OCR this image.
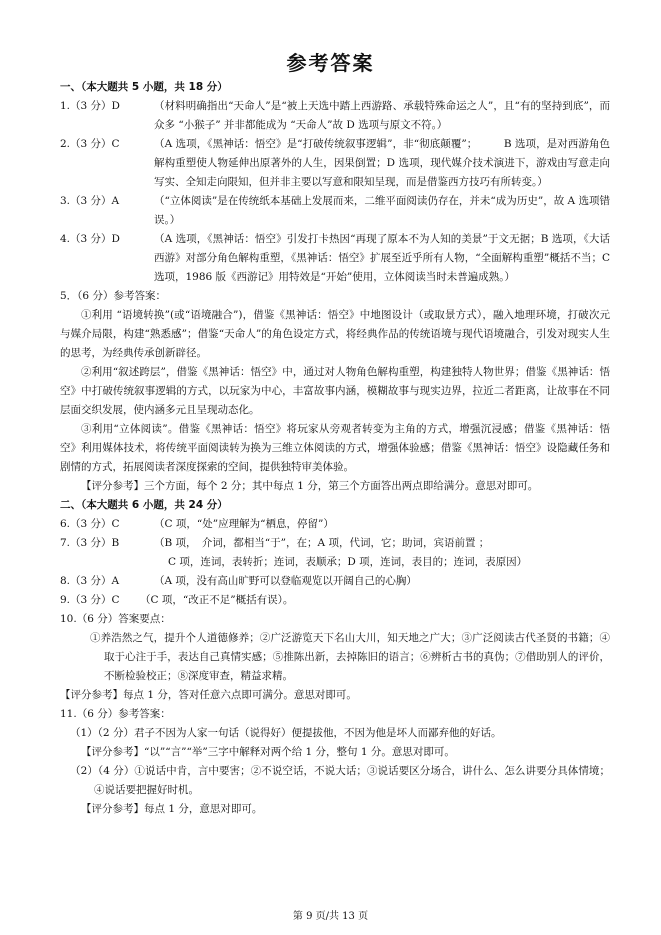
参考答案
一、（本大题共 5 小题，共 18 分）
1.（3 分）D	（材料明确指出“天命人”是“被上天选中踏上西游路、承载特殊命运之人”，且“有的坚持到底”，而众多 “小猴子” 并非都能成为 “天命人”故 D 选项与原文不符。）
2.（3 分）C	（A 选项，《黑神话：悟空》是“打破传统叙事逻辑”，非“彻底颠覆”；　　　B 选项，是对西游角色解构重塑使人物延伸出原著外的人生，因果倒置；D 选项，现代媒介技术演进下，游戏由写意走向写实、全知走向限知，但并非主要以写意和限知呈现，而是借鉴西方技巧有所转变。）
3.（3 分）A	（“立体阅读”是在传统纸本基础上发展而来，二维平面阅读仍存在，并未“成为历史”，故 A 选项错误。）
4.（3 分）D	（A 选项，《黑神话：悟空》引发打卡热因“再现了原本不为人知的美景”于文无据；B 选项，《大话西游》对部分角色解构重塑，《黑神话：悟空》扩展至近乎所有人物，“全面解构重塑”概括不当；C 选项，1986 版《西游记》用特效是“开始”使用，立体阅读当时未普遍成熟。）
5．（6 分）参考答案：
①利用 “语境转换”(或“语境融合”)，借鉴《黑神话：悟空》中地图设计（或取景方式），融入地理环境，打破次元与媒介局限，构建“熟悉感”；借鉴“天命人”的角色设定方式，将经典作品的传统语境与现代语境融合，引发对现实人生的思考，为经典传承创新辟径。
②利用“叙述跨层”，借鉴《黑神话：悟空》中，通过对人物角色解构重塑，构建独特人物世界；借鉴《黑神话：悟空》中打破传统叙事逻辑的方式，以玩家为中心，丰富故事内涵，模糊故事与现实边界，拉近二者距离，让故事在不同层面交织发展，使内涵多元且呈现动态化。
③利用“立体阅读”。借鉴《黑神话：悟空》将玩家从旁观者转变为主角的方式，增强沉浸感；借鉴《黑神话：悟空》利用媒体技术，将传统平面阅读转为换为三维立体阅读的方式，增强体验感；借鉴《黑神话：悟空》设隐藏任务和剧情的方式，拓展阅读者深度探索的空间，提供独特审美体验。
【评分参考】三个方面，每个 2 分；其中每点 1 分，第三个方面答出两点即给满分。意思对即可。
二、（本大题共 6 小题，共 24 分）
6.（3 分）C	（C 项，“处”应理解为“栖息，停留”）
7.（3 分）B	（B 项，　介词，都相当“于”，在；A 项，代词，它；助词，宾语前置 ；
C 项，连词，表转折；连词，表顺承；D 项，连词，表目的；连词，表原因）
8.（3 分）A	（A 项，没有高山旷野可以登临观览以开阔自己的心胸）
9.（3 分）C	（C 项，“改正不足”概括有误）。
10.（6 分）答案要点：
①养浩然之气，提升个人道德修养；②广泛游览天下名山大川，知天地之广大；③广泛阅读古代圣贤的书籍；④取于心注于手，表达自己真情实感；⑤推陈出新，去掉陈旧的语言；⑥辨析古书的真伪；⑦借助别人的评价，不断检验校正；⑧深度审查，精益求精。
【评分参考】每点 1 分，答对任意六点即可满分。意思对即可。
11.（6 分）参考答案：
（1）（2 分）君子不因为人家一句话（说得好）便提拔他，不因为他是坏人而鄙弃他的好话。
【评分参考】“以”“言”“举”三字中解释对两个给 1 分，整句 1 分。意思对即可。
（2）（4 分）①说话中肯，言中要害；②不说空话，不说大话；③说话要区分场合，讲什么、怎么讲要分具体情境；④说话要把握好时机。
【评分参考】每点 1 分，意思对即可。
第 9 页/共 13 页
